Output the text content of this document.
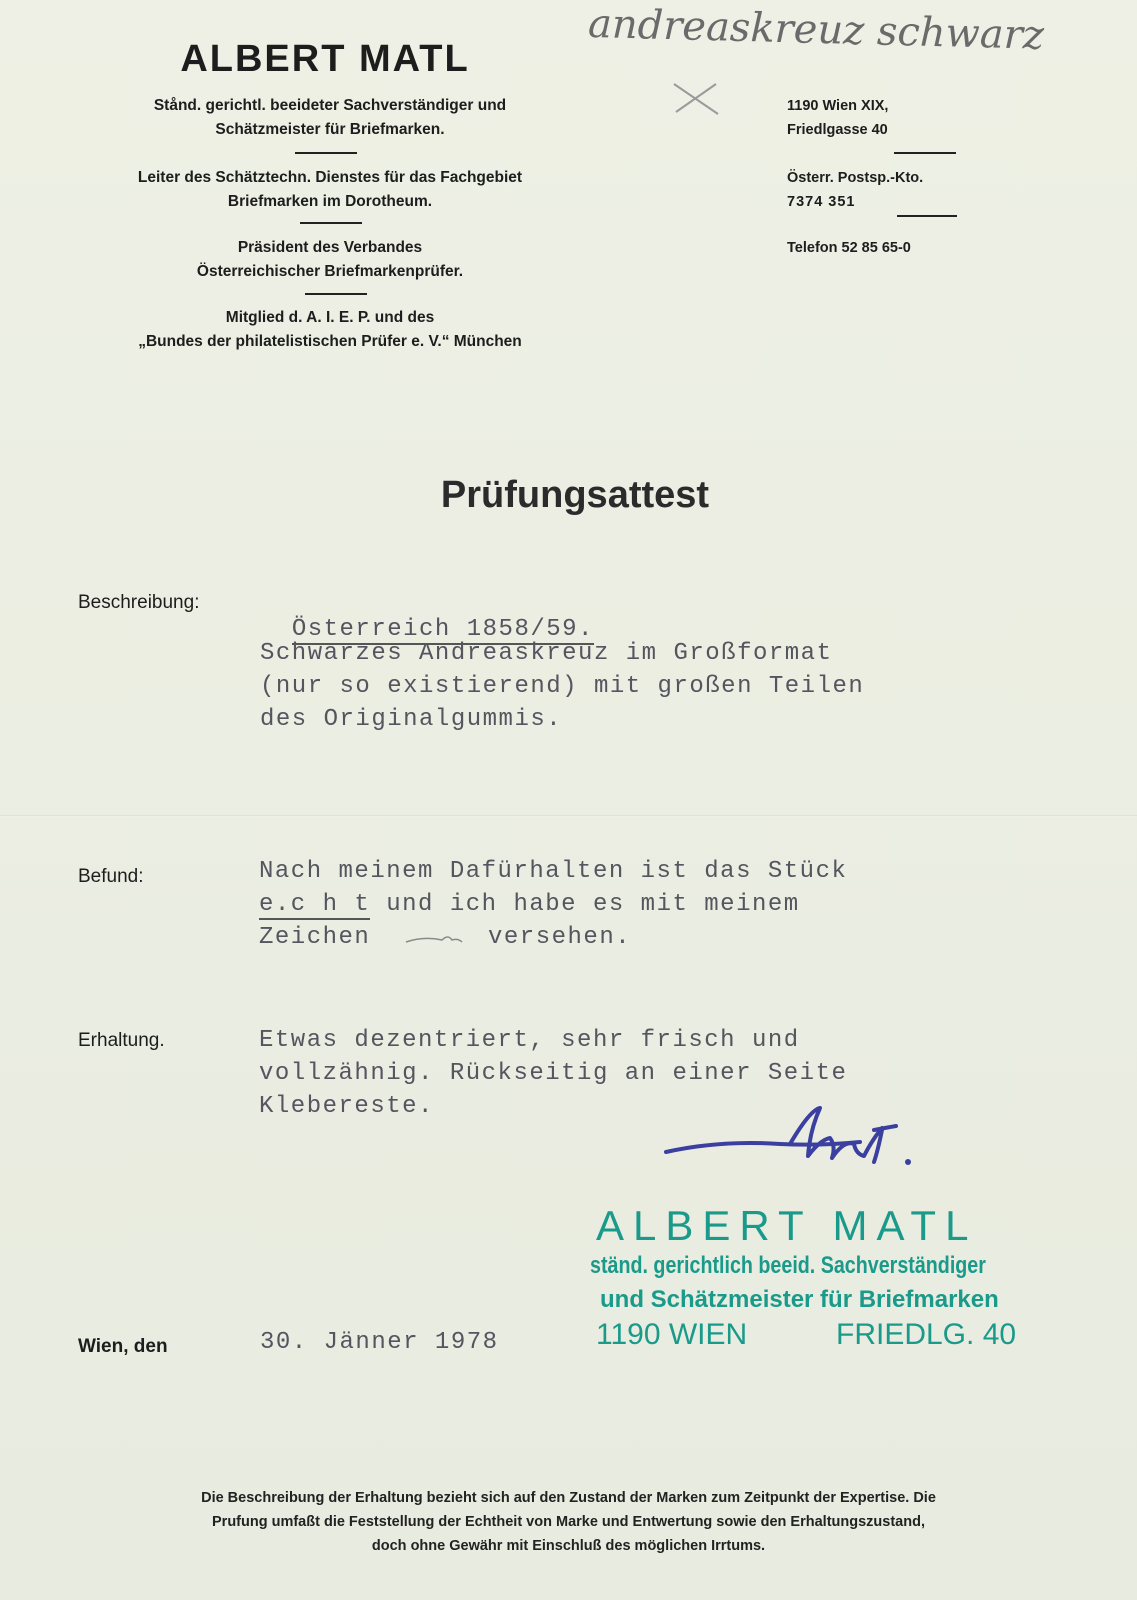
ALBERT MATL
Stånd. gerichtl. beeideter Sachverständiger und
Schätzmeister für Briefmarken.
Leiter des Schätztechn. Dienstes für das Fachgebiet
Briefmarken im Dorotheum.
Präsident des Verbandes
Österreichischer Briefmarkenprüfer.
Mitglied d. A. I. E. P. und des
„Bundes der philatelistischen Prüfer e. V.“ München
1190 Wien XIX,
Friedlgasse 40
Österr. Postsp.-Kto.
7374 351
Telefon 52 85 65-0
andreaskreuz schwarz
Prüfungsattest
Beschreibung:

Österreich 1858/59.

Schwarzes Andreaskreuz im Großformat
(nur so existierend) mit großen Teilen
des Originalgummis.
Befund:	Nach meinem Dafürhalten ist das Stück
e.c h t und ich habe es mit meinem
Zeichen	versehen.
Erhaltung.	Etwas dezentriert, sehr frisch und
vollzähnig. Rückseitig an einer Seite
Klebereste.
ALBERT MATL
ständ. gerichtlich beeid. Sachverständiger
und Schätzmeister für Briefmarken
1190 WIEN	FRIEDLG. 40
Wien, den	30. Jänner 1978
Die Beschreibung der Erhaltung bezieht sich auf den Zustand der Marken zum Zeitpunkt der Expertise. Die
Prufung umfaßt die Feststellung der Echtheit von Marke und Entwertung sowie den Erhaltungszustand,
doch ohne Gewähr mit Einschluß des möglichen Irrtums.
